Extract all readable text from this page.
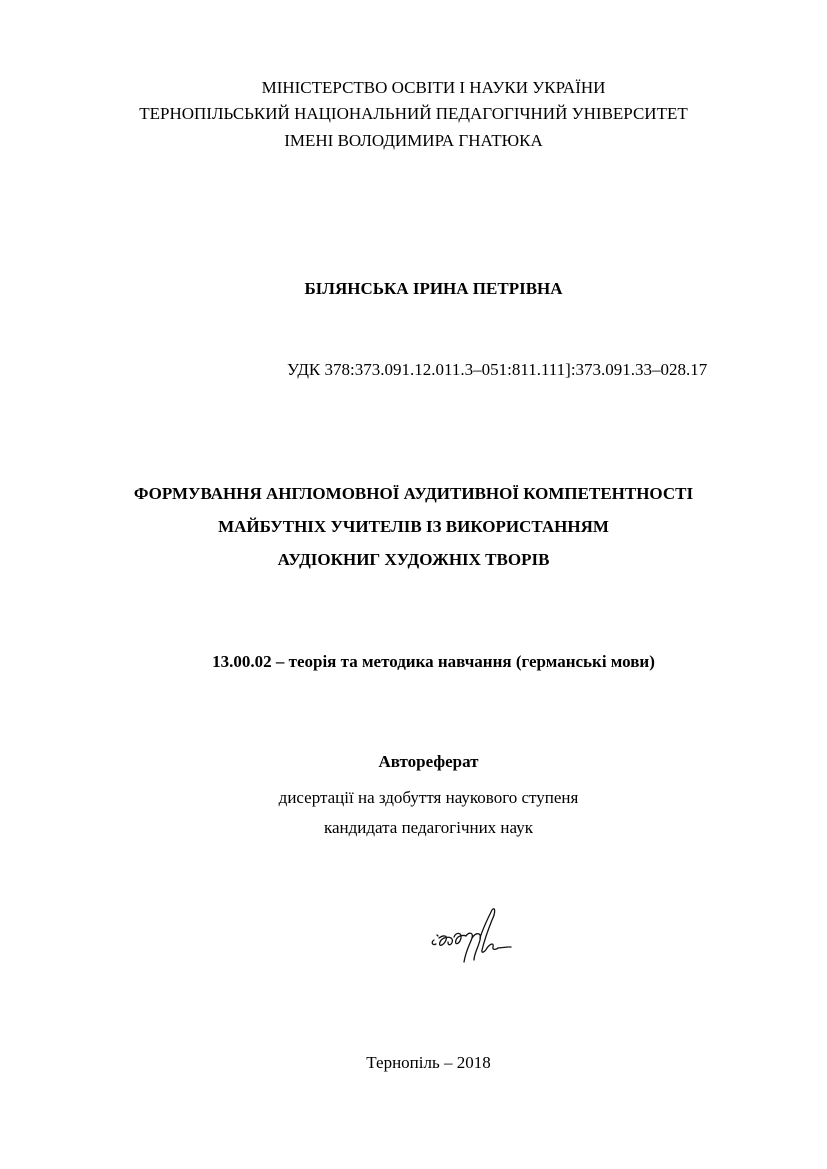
МІНІСТЕРСТВО ОСВІТИ І НАУКИ УКРАЇНИ
ТЕРНОПІЛЬСЬКИЙ НАЦІОНАЛЬНИЙ ПЕДАГОГІЧНИЙ УНІВЕРСИТЕТ
ІМЕНІ ВОЛОДИМИРА ГНАТЮКА
БІЛЯНСЬКА ІРИНА ПЕТРІВНА
УДК 378:373.091.12.011.3‒051:811.111]:373.091.33‒028.17
ФОРМУВАННЯ АНГЛОМОВНОЇ АУДИТИВНОЇ КОМПЕТЕНТНОСТІ
МАЙБУТНІХ УЧИТЕЛІВ ІЗ ВИКОРИСТАННЯМ
АУДІОКНИГ ХУДОЖНІХ ТВОРІВ
13.00.02 – теорія та методика навчання (германські мови)
Автореферат
дисертації на здобуття наукового ступеня
кандидата педагогічних наук
Тернопіль – 2018
